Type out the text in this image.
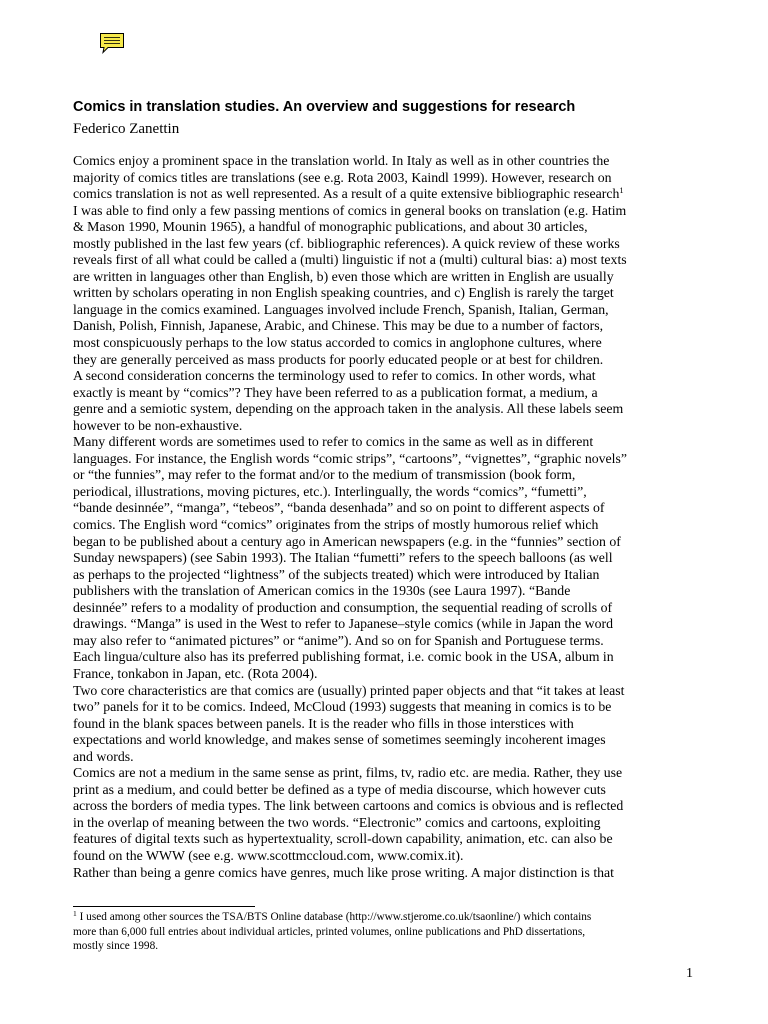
Comics in translation studies. An overview and suggestions for research

Federico Zanettin

Comics enjoy a prominent space in the translation world. In Italy as well as in other countries the
majority of comics titles are translations (see e.g. Rota 2003, Kaindl 1999). However, research on
comics translation is not as well represented. As a result of a quite extensive bibliographic research$^1$
I was able to find only a few passing mentions of comics in general books on translation (e.g. Hatim
& Mason 1990, Mounin 1965), a handful of monographic publications, and about 30 articles,
mostly published in the last few years (cf. bibliographic references). A quick review of these works
reveals first of all what could be called a (multi) linguistic if not a (multi) cultural bias: a) most texts
are written in languages other than English, b) even those which are written in English are usually
written by scholars operating in non English speaking countries, and c) English is rarely the target
language in the comics examined. Languages involved include French, Spanish, Italian, German,
Danish, Polish, Finnish, Japanese, Arabic, and Chinese. This may be due to a number of factors,
most conspicuously perhaps to the low status accorded to comics in anglophone cultures, where
they are generally perceived as mass products for poorly educated people or at best for children.
A second consideration concerns the terminology used to refer to comics. In other words, what
exactly is meant by “comics”? They have been referred to as a publication format, a medium, a
genre and a semiotic system, depending on the approach taken in the analysis. All these labels seem
however to be non-exhaustive.
Many different words are sometimes used to refer to comics in the same as well as in different
languages. For instance, the English words “comic strips”, “cartoons”, “vignettes”, “graphic novels”
or “the funnies”, may refer to the format and/or to the medium of transmission (book form,
periodical, illustrations, moving pictures, etc.). Interlingually, the words “comics”, “fumetti”,
“bande desinnée”, “manga”, “tebeos”, “banda desenhada” and so on point to different aspects of
comics. The English word “comics” originates from the strips of mostly humorous relief which
began to be published about a century ago in American newspapers (e.g. in the “funnies” section of
Sunday newspapers) (see Sabin 1993). The Italian “fumetti” refers to the speech balloons (as well
as perhaps to the projected “lightness” of the subjects treated) which were introduced by Italian
publishers with the translation of American comics in the 1930s (see Laura 1997). “Bande
desinnée” refers to a modality of production and consumption, the sequential reading of scrolls of
drawings. “Manga” is used in the West to refer to Japanese–style comics (while in Japan the word
may also refer to “animated pictures” or “anime”). And so on for Spanish and Portuguese terms.
Each lingua/culture also has its preferred publishing format, i.e. comic book in the USA, album in
France, tonkabon in Japan, etc. (Rota 2004).
Two core characteristics are that comics are (usually) printed paper objects and that “it takes at least
two” panels for it to be comics. Indeed, McCloud (1993) suggests that meaning in comics is to be
found in the blank spaces between panels. It is the reader who fills in those interstices with
expectations and world knowledge, and makes sense of sometimes seemingly incoherent images
and words.
Comics are not a medium in the same sense as print, films, tv, radio etc. are media. Rather, they use
print as a medium, and could better be defined as a type of media discourse, which however cuts
across the borders of media types. The link between cartoons and comics is obvious and is reflected
in the overlap of meaning between the two words. “Electronic” comics and cartoons, exploiting
features of digital texts such as hypertextuality, scroll-down capability, animation, etc. can also be
found on the WWW (see e.g. www.scottmccloud.com, www.comix.it).
Rather than being a genre comics have genres, much like prose writing. A major distinction is that
$^1$ I used among other sources the TSA/BTS Online database (http://www.stjerome.co.uk/tsaonline/) which contains
more than 6,000 full entries about individual articles, printed volumes, online publications and PhD dissertations,
mostly since 1998.
1
